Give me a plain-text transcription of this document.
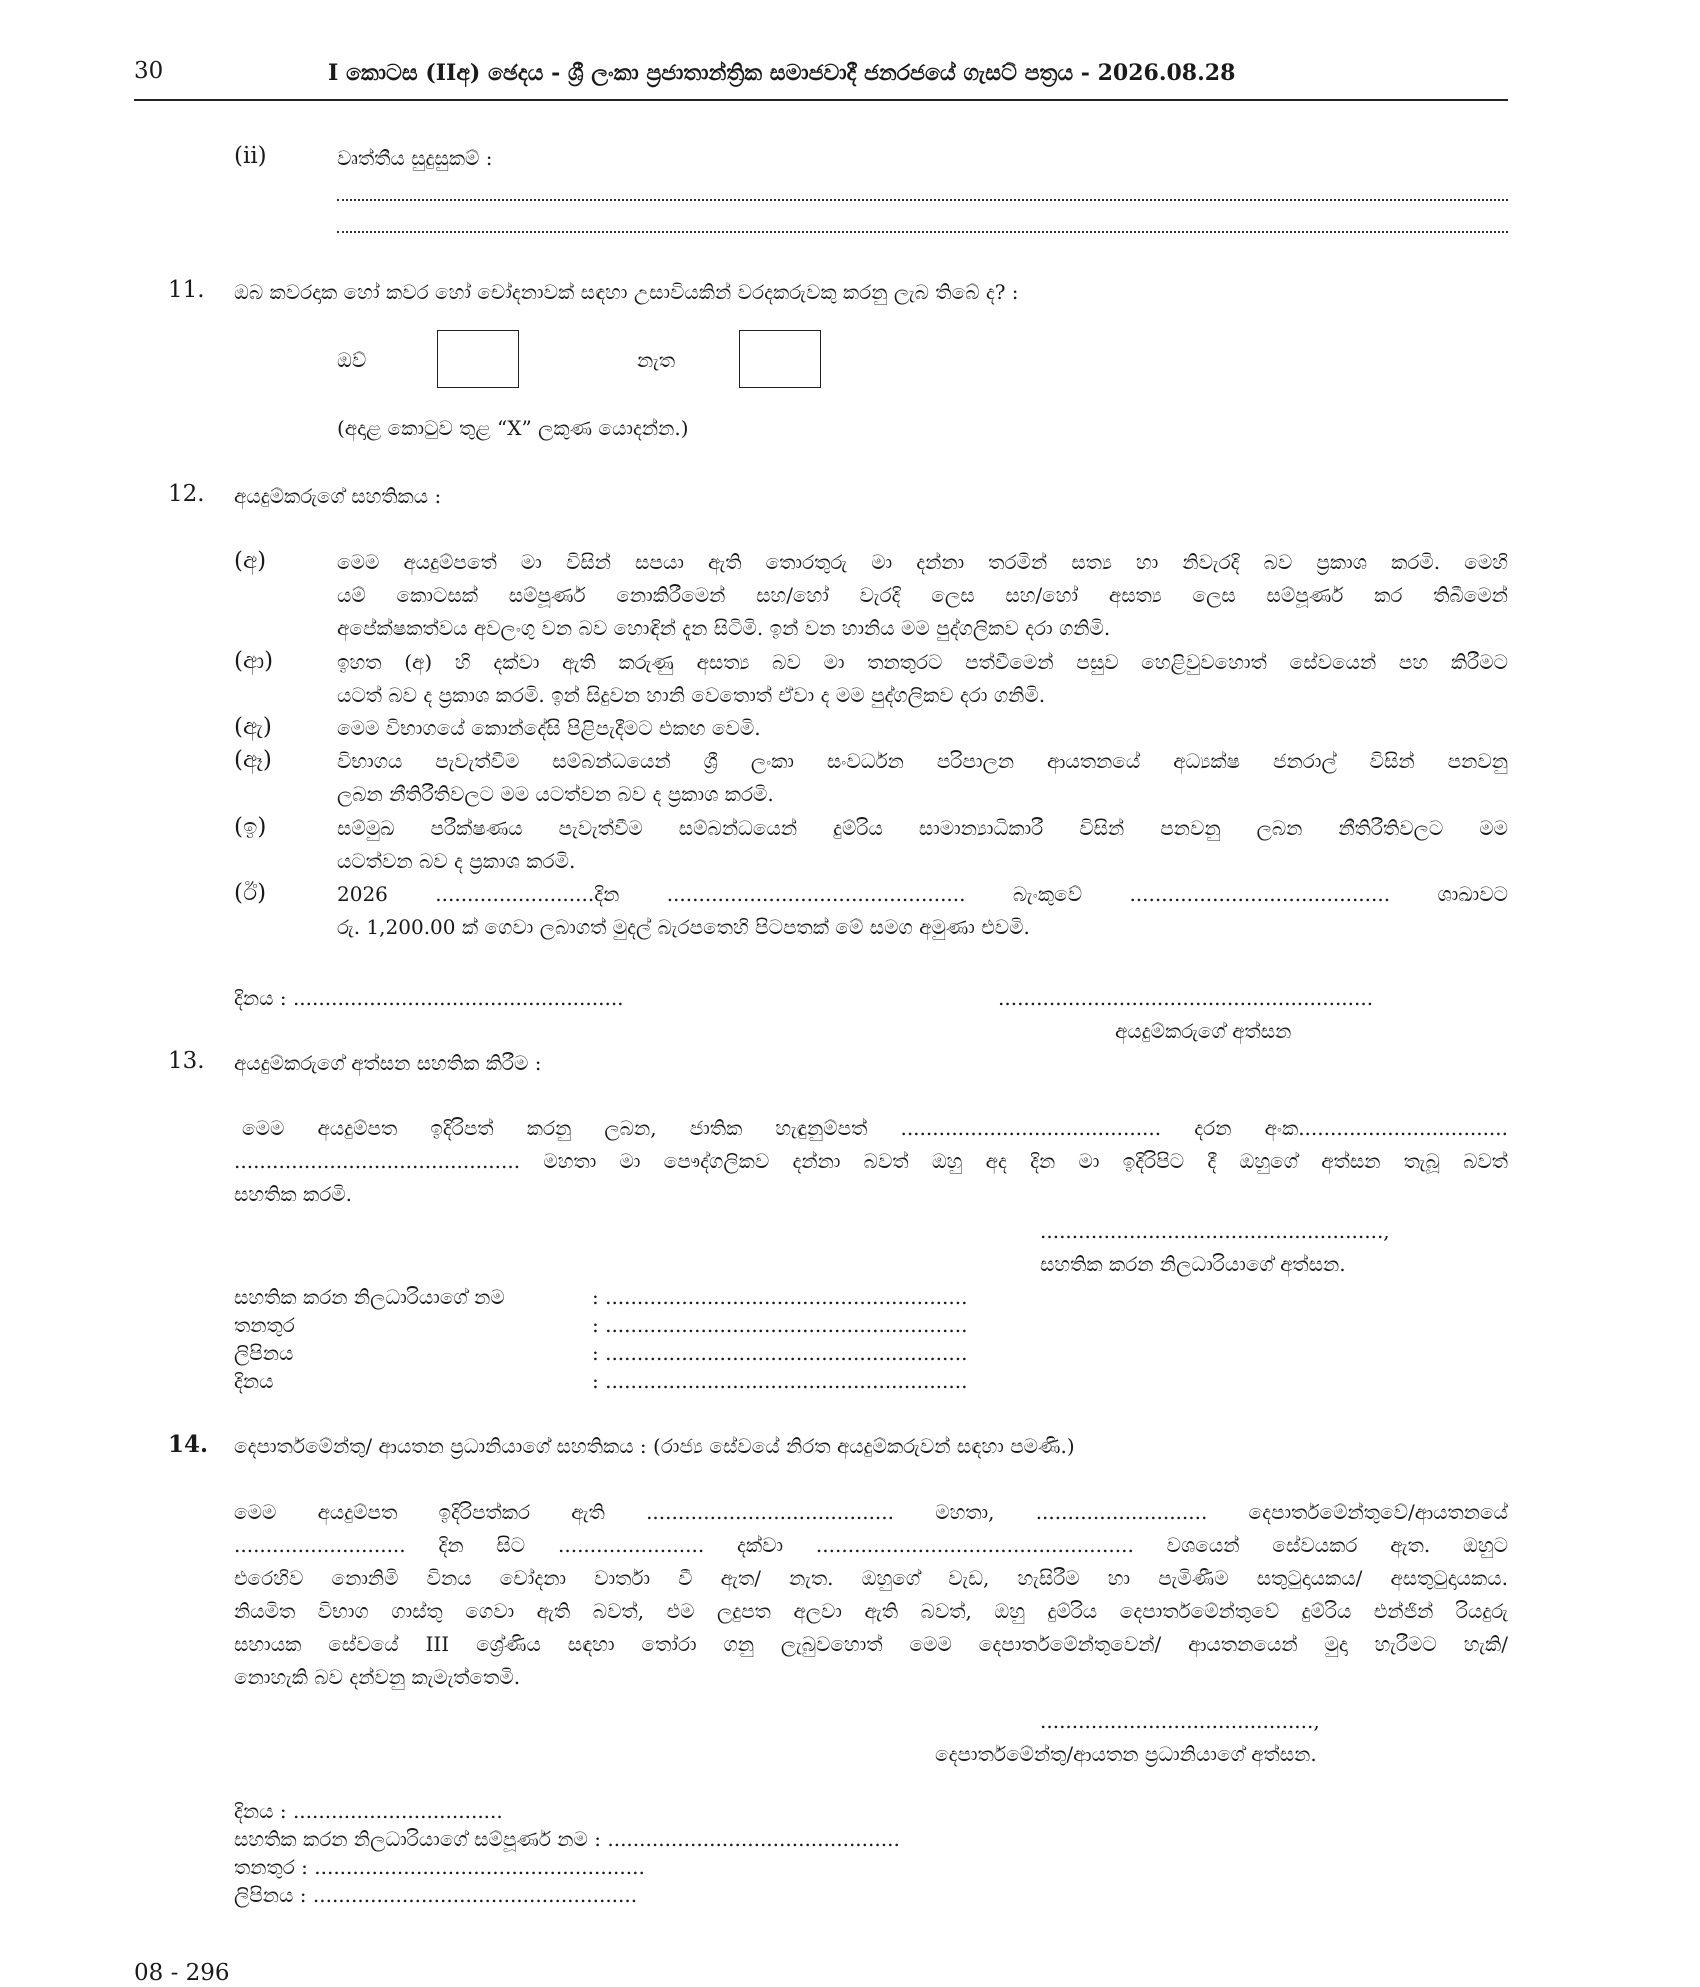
30	I කොටස (IIඅ) ඡෙදය - ශ්‍රී ලංකා ප්‍රජාතාන්ත්‍රික සමාජවාදී ජනරජයේ ගැසට් පත්‍රය - 2026.08.28
(ii)	වෘත්තීය සුදුසුකම් :
11. ඔබ කවරදාක හෝ කවර හෝ චෝදනාවක් සඳහා උසාවියකින් වරදකරුවකු කරනු ලැබ තිබේ ද? :
ඔව්	නැත
(අදාළ කොටුව තුළ “X” ලකුණ යොදන්න.)
12. අයදුම්කරුගේ සහතිකය :
(අ)	මෙම අයදුම්පතේ මා විසින් සපයා ඇති තොරතුරු මා දන්නා තරමින් සත්‍ය හා නිවැරදි බව ප්‍රකාශ කරමි. මෙහි

යම් කොටසක් සම්පූර්ණ නොකිරීමෙන් සහ/හෝ වැරදි ලෙස සහ/හෝ අසත්‍ය ලෙස සම්පූර්ණ කර තිබීමෙන්

අපේක්ෂකත්වය අවලංගු වන බව හොඳින් දැන සිටිමි. ඉන් වන හානිය මම පුද්ගලිකව දරා ගනිමි.

(ආ)	ඉහත (අ) හි දක්වා ඇති කරුණු අසත්‍ය බව මා තනතුරට පත්වීමෙන් පසුව හෙළිවුවහොත් සේවයෙන් පහ කිරීමට

යටත් බව ද ප්‍රකාශ කරමි. ඉන් සිදුවන හානි වෙතොත් ඒවා ද මම පුද්ගලිකව දරා ගනිමි.

(ඇ)	මෙම විභාගයේ කොන්දේසි පිළිපැදීමට එකඟ වෙමි.

(ඈ)	විභාගය පැවැත්වීම සම්බන්ධයෙන් ශ්‍රී ලංකා සංවර්ධන පරිපාලන ආයතනයේ අධ්‍යක්ෂ ජනරාල් විසින් පනවනු

ලබන නීතිරීතිවලට මම යටත්වන බව ද ප්‍රකාශ කරමි.

(ඉ)	සම්මුඛ පරීක්ෂණය පැවැත්වීම සම්බන්ධයෙන් දුම්රිය සාමාන්‍යාධිකාරී විසින් පනවනු ලබන නීතිරීතිවලට මම

යටත්වන බව ද ප්‍රකාශ කරමි.

(ඊ)	2026 .........................දින ............................................... බැංකුවේ ......................................... ශාඛාවට

රු. 1,200.00 ක් ගෙවා ලබාගත් මුදල් බැරපතෙහි පිටපතක් මේ සමග අමුණා එවමි.

දිනය : ....................................................	...........................................................
අයදුම්කරුගේ අත්සන
13. අයදුම්කරුගේ අත්සන සහතික කිරීම :

මෙම අයදුම්පත ඉදිරිපත් කරනු ලබන, ජාතික හැඳුනුම්පත් ......................................... දරන අංක.................................

............................................. මහතා මා පෞද්ගලිකව දන්නා බවත් ඔහු අද දින මා ඉදිරිපිට දී ඔහුගේ අත්සන තැබූ බවත්

සහතික කරමි.

......................................................,
සහතික කරන නිලධාරියාගේ අත්සන.
සහතික කරන නිලධාරියාගේ නම	: .........................................................
තනතුර	: .........................................................
ලිපිනය	: .........................................................
දිනය	: .........................................................
14. දෙපාර්තමේන්තු/ ආයතන ප්‍රධානියාගේ සහතිකය : (රාජ්‍ය සේවයේ නිරත අයදුම්කරුවන් සඳහා පමණි.)

මෙම අයදුම්පත ඉදිරිපත්කර ඇති ....................................... මහතා, ........................... දෙපාර්තමේන්තුවේ/ආයතනයේ

........................... දින සිට ....................... දක්වා .................................................. වශයෙන් සේවයකර ඇත. ඔහුට

එරෙහිව නොනිමි විනය චෝදනා වාර්තා වී ඇත/ නැත. ඔහුගේ වැඩ, හැසිරීම හා පැමිණීම සතුටුදායකය/ අසතුටුදායකය.

නියමිත විභාග ගාස්තු ගෙවා ඇති බවත්, එම ලදුපත අලවා ඇති බවත්, ඔහු දුම්රිය දෙපාර්තමේන්තුවේ දුම්රිය එන්ජින් රියදුරු

සහායක සේවයේ III ශ්‍රේණිය සඳහා තෝරා ගනු ලැබුවහොත් මෙම දෙපාර්තමේන්තුවෙන්/ ආයතනයෙන් මුදා හැරීමට හැකි/

නොහැකි බව දන්වනු කැමැත්තෙමි.

...........................................,
දෙපාර්තමේන්තු/ආයතන ප්‍රධානියාගේ අත්සන.
දිනය : .................................
සහතික කරන නිලධාරියාගේ සම්පූර්ණ නම : ..............................................
තනතුර : ....................................................
ලිපිනය : ...................................................
08 - 296
